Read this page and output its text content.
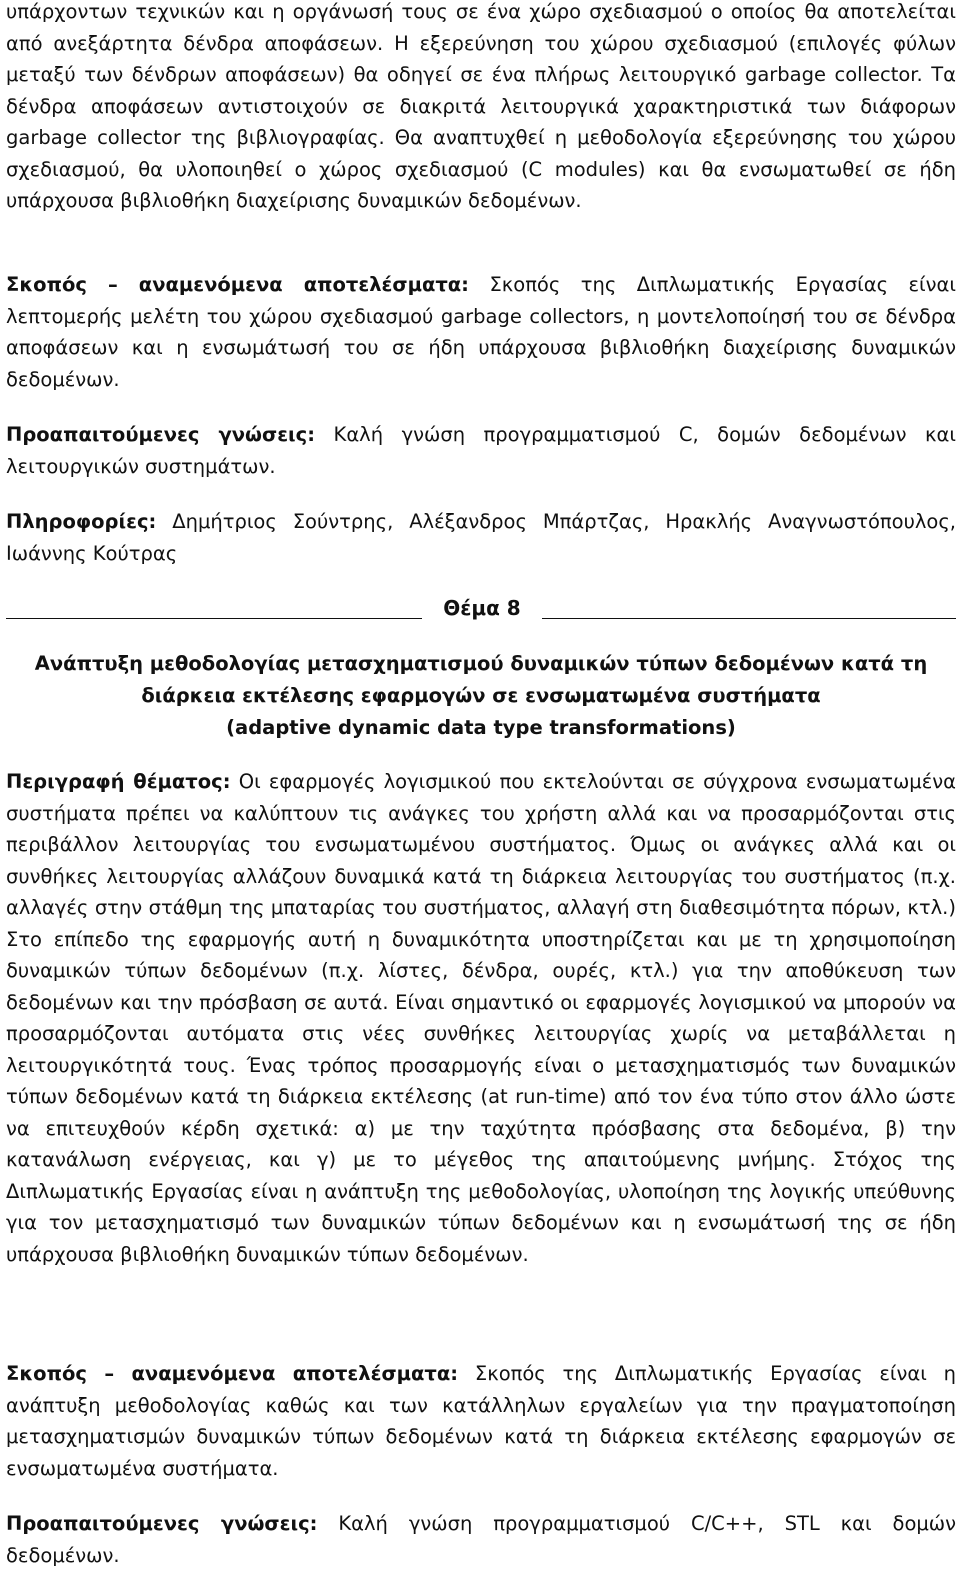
υπάρχοντων τεχνικών και η οργάνωσή τους σε ένα χώρο σχεδιασμού ο οποίος θα αποτελείται από ανεξάρτητα δένδρα αποφάσεων. Η εξερεύνηση του χώρου σχεδιασμού (επιλογές φύλων μεταξύ των δένδρων αποφάσεων) θα οδηγεί σε ένα πλήρως λειτουργικό garbage collector. Τα δένδρα αποφάσεων αντιστοιχούν σε διακριτά λειτουργικά χαρακτηριστικά των διάφορων garbage collector της βιβλιογραφίας. Θα αναπτυχθεί η μεθοδολογία εξερεύνησης του χώρου σχεδιασμού, θα υλοποιηθεί ο χώρος σχεδιασμού (C modules) και θα ενσωματωθεί σε ήδη υπάρχουσα βιβλιοθήκη διαχείρισης δυναμικών δεδομένων.

Σκοπός – αναμενόμενα αποτελέσματα: Σκοπός της Διπλωματικής Εργασίας είναι λεπτομερής μελέτη του χώρου σχεδιασμού garbage collectors, η μοντελοποίησή του σε δένδρα αποφάσεων και η ενσωμάτωσή του σε ήδη υπάρχουσα βιβλιοθήκη διαχείρισης δυναμικών δεδομένων.

Προαπαιτούμενες γνώσεις: Καλή γνώση προγραμματισμού C, δομών δεδομένων και λειτουργικών συστημάτων.

Πληροφορίες: Δημήτριος Σούντρης, Αλέξανδρος Μπάρτζας, Ηρακλής Αναγνωστόπουλος, Ιωάννης Κούτρας

Θέμα 8
Ανάπτυξη μεθοδολογίας μετασχηματισμού δυναμικών τύπων δεδομένων κατά τη
διάρκεια εκτέλεσης εφαρμογών σε ενσωματωμένα συστήματα
(adaptive dynamic data type transformations)

Περιγραφή θέματος: Οι εφαρμογές λογισμικού που εκτελούνται σε σύγχρονα ενσωματωμένα συστήματα πρέπει να καλύπτουν τις ανάγκες του χρήστη αλλά και να προσαρμόζονται στις περιβάλλον λειτουργίας του ενσωματωμένου συστήματος. Όμως οι ανάγκες αλλά και οι συνθήκες λειτουργίας αλλάζουν δυναμικά κατά τη διάρκεια λειτουργίας του συστήματος (π.χ. αλλαγές στην στάθμη της μπαταρίας του συστήματος, αλλαγή στη διαθεσιμότητα πόρων, κτλ.) Στο επίπεδο της εφαρμογής αυτή η δυναμικότητα υποστηρίζεται και με τη χρησιμοποίηση δυναμικών τύπων δεδομένων (π.χ. λίστες, δένδρα, ουρές, κτλ.) για την αποθύκευση των δεδομένων και την πρόσβαση σε αυτά. Είναι σημαντικό οι εφαρμογές λογισμικού να μπορούν να προσαρμόζονται αυτόματα στις νέες συνθήκες λειτουργίας χωρίς να μεταβάλλεται η λειτουργικότητά τους. Ένας τρόπος προσαρμογής είναι ο μετασχηματισμός των δυναμικών τύπων δεδομένων κατά τη διάρκεια εκτέλεσης (at run-time) από τον ένα τύπο στον άλλο ώστε να επιτευχθούν κέρδη σχετικά: α) με την ταχύτητα πρόσβασης στα δεδομένα, β) την κατανάλωση ενέργειας, και γ) με το μέγεθος της απαιτούμενης μνήμης. Στόχος της Διπλωματικής Εργασίας είναι η ανάπτυξη της μεθοδολογίας, υλοποίηση της λογικής υπεύθυνης για τον μετασχηματισμό των δυναμικών τύπων δεδομένων και η ενσωμάτωσή της σε ήδη υπάρχουσα βιβλιοθήκη δυναμικών τύπων δεδομένων.

Σκοπός – αναμενόμενα αποτελέσματα: Σκοπός της Διπλωματικής Εργασίας είναι η ανάπτυξη μεθοδολογίας καθώς και των κατάλληλων εργαλείων για την πραγματοποίηση μετασχηματισμών δυναμικών τύπων δεδομένων κατά τη διάρκεια εκτέλεσης εφαρμογών σε ενσωματωμένα συστήματα.

Προαπαιτούμενες γνώσεις: Καλή γνώση προγραμματισμού C/C++, STL και δομών δεδομένων.
